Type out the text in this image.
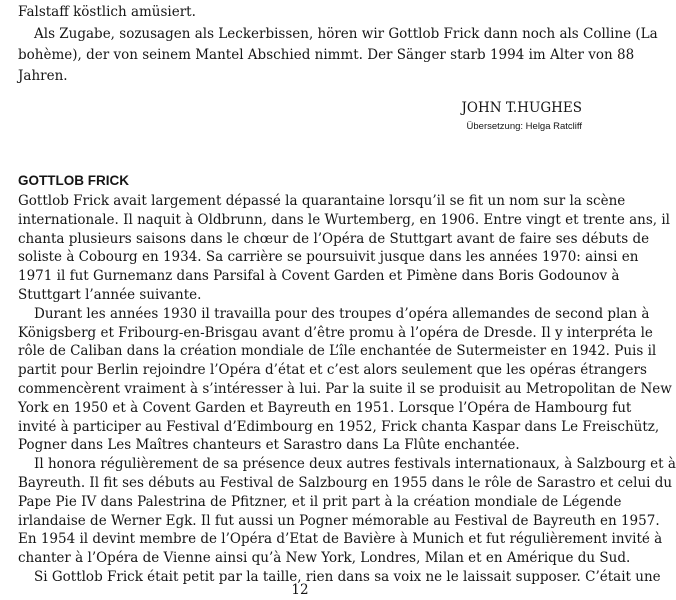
Falstaff köstlich amüsiert.
Als Zugabe, sozusagen als Leckerbissen, hören wir Gottlob Frick dann noch als Colline (La
bohème), der von seinem Mantel Abschied nimmt. Der Sänger starb 1994 im Alter von 88
Jahren.
JOHN T.HUGHES
Übersetzung: Helga Ratcliff
GOTTLOB FRICK
Gottlob Frick avait largement dépassé la quarantaine lorsqu’il se fit un nom sur la scène
internationale. Il naquit à Oldbrunn, dans le Wurtemberg, en 1906. Entre vingt et trente ans, il
chanta plusieurs saisons dans le chœur de l’Opéra de Stuttgart avant de faire ses débuts de
soliste à Cobourg en 1934. Sa carrière se poursuivit jusque dans les années 1970: ainsi en
1971 il fut Gurnemanz dans Parsifal à Covent Garden et Pimène dans Boris Godounov à
Stuttgart l’année suivante.
Durant les années 1930 il travailla pour des troupes d’opéra allemandes de second plan à
Königsberg et Fribourg-en-Brisgau avant d’être promu à l’opéra de Dresde. Il y interpréta le
rôle de Caliban dans la création mondiale de L’île enchantée de Sutermeister en 1942. Puis il
partit pour Berlin rejoindre l’Opéra d’état et c’est alors seulement que les opéras étrangers
commencèrent vraiment à s’intéresser à lui. Par la suite il se produisit au Metropolitan de New
York en 1950 et à Covent Garden et Bayreuth en 1951. Lorsque l’Opéra de Hambourg fut
invité à participer au Festival d’Edimbourg en 1952, Frick chanta Kaspar dans Le Freischütz,
Pogner dans Les Maîtres chanteurs et Sarastro dans La Flûte enchantée.
Il honora régulièrement de sa présence deux autres festivals internationaux, à Salzbourg et à
Bayreuth. Il fit ses débuts au Festival de Salzbourg en 1955 dans le rôle de Sarastro et celui du
Pape Pie IV dans Palestrina de Pfitzner, et il prit part à la création mondiale de Légende
irlandaise de Werner Egk. Il fut aussi un Pogner mémorable au Festival de Bayreuth en 1957.
En 1954 il devint membre de l’Opéra d’Etat de Bavière à Munich et fut régulièrement invité à
chanter à l’Opéra de Vienne ainsi qu’à New York, Londres, Milan et en Amérique du Sud.
Si Gottlob Frick était petit par la taille, rien dans sa voix ne le laissait supposer. C’était une
12
